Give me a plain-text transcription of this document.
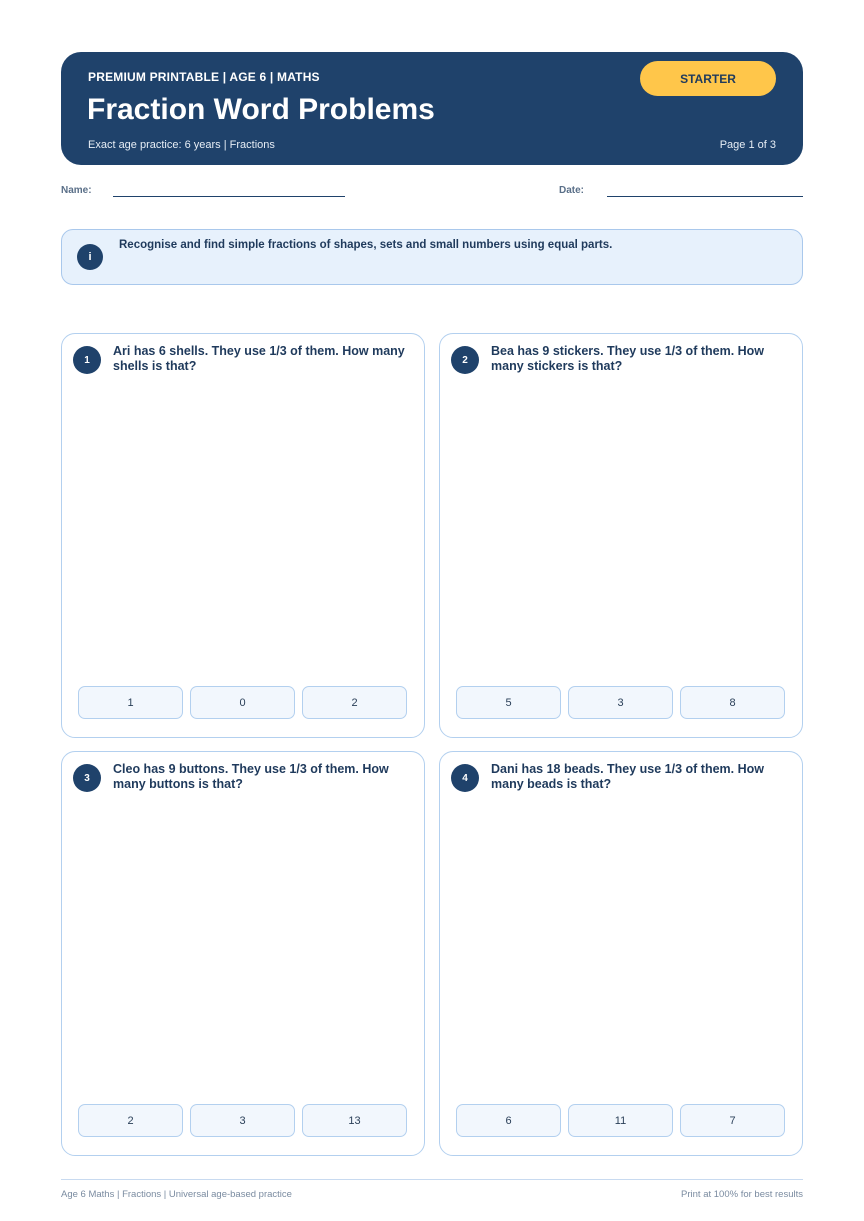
PREMIUM PRINTABLE | AGE 6 | MATHS
Fraction Word Problems
Exact age practice: 6 years | Fractions	Page 1 of 3
STARTER
Name:	Date:
i
Recognise and find simple fractions of shapes, sets and small numbers using equal parts.
1
Ari has 6 shells. They use 1/3 of them. How many shells is that?
1	0	2
2
Bea has 9 stickers. They use 1/3 of them. How many stickers is that?
5	3	8
3
Cleo has 9 buttons. They use 1/3 of them. How many buttons is that?
2	3	13
4
Dani has 18 beads. They use 1/3 of them. How many beads is that?
6	11	7
Age 6 Maths | Fractions | Universal age-based practice	Print at 100% for best results
